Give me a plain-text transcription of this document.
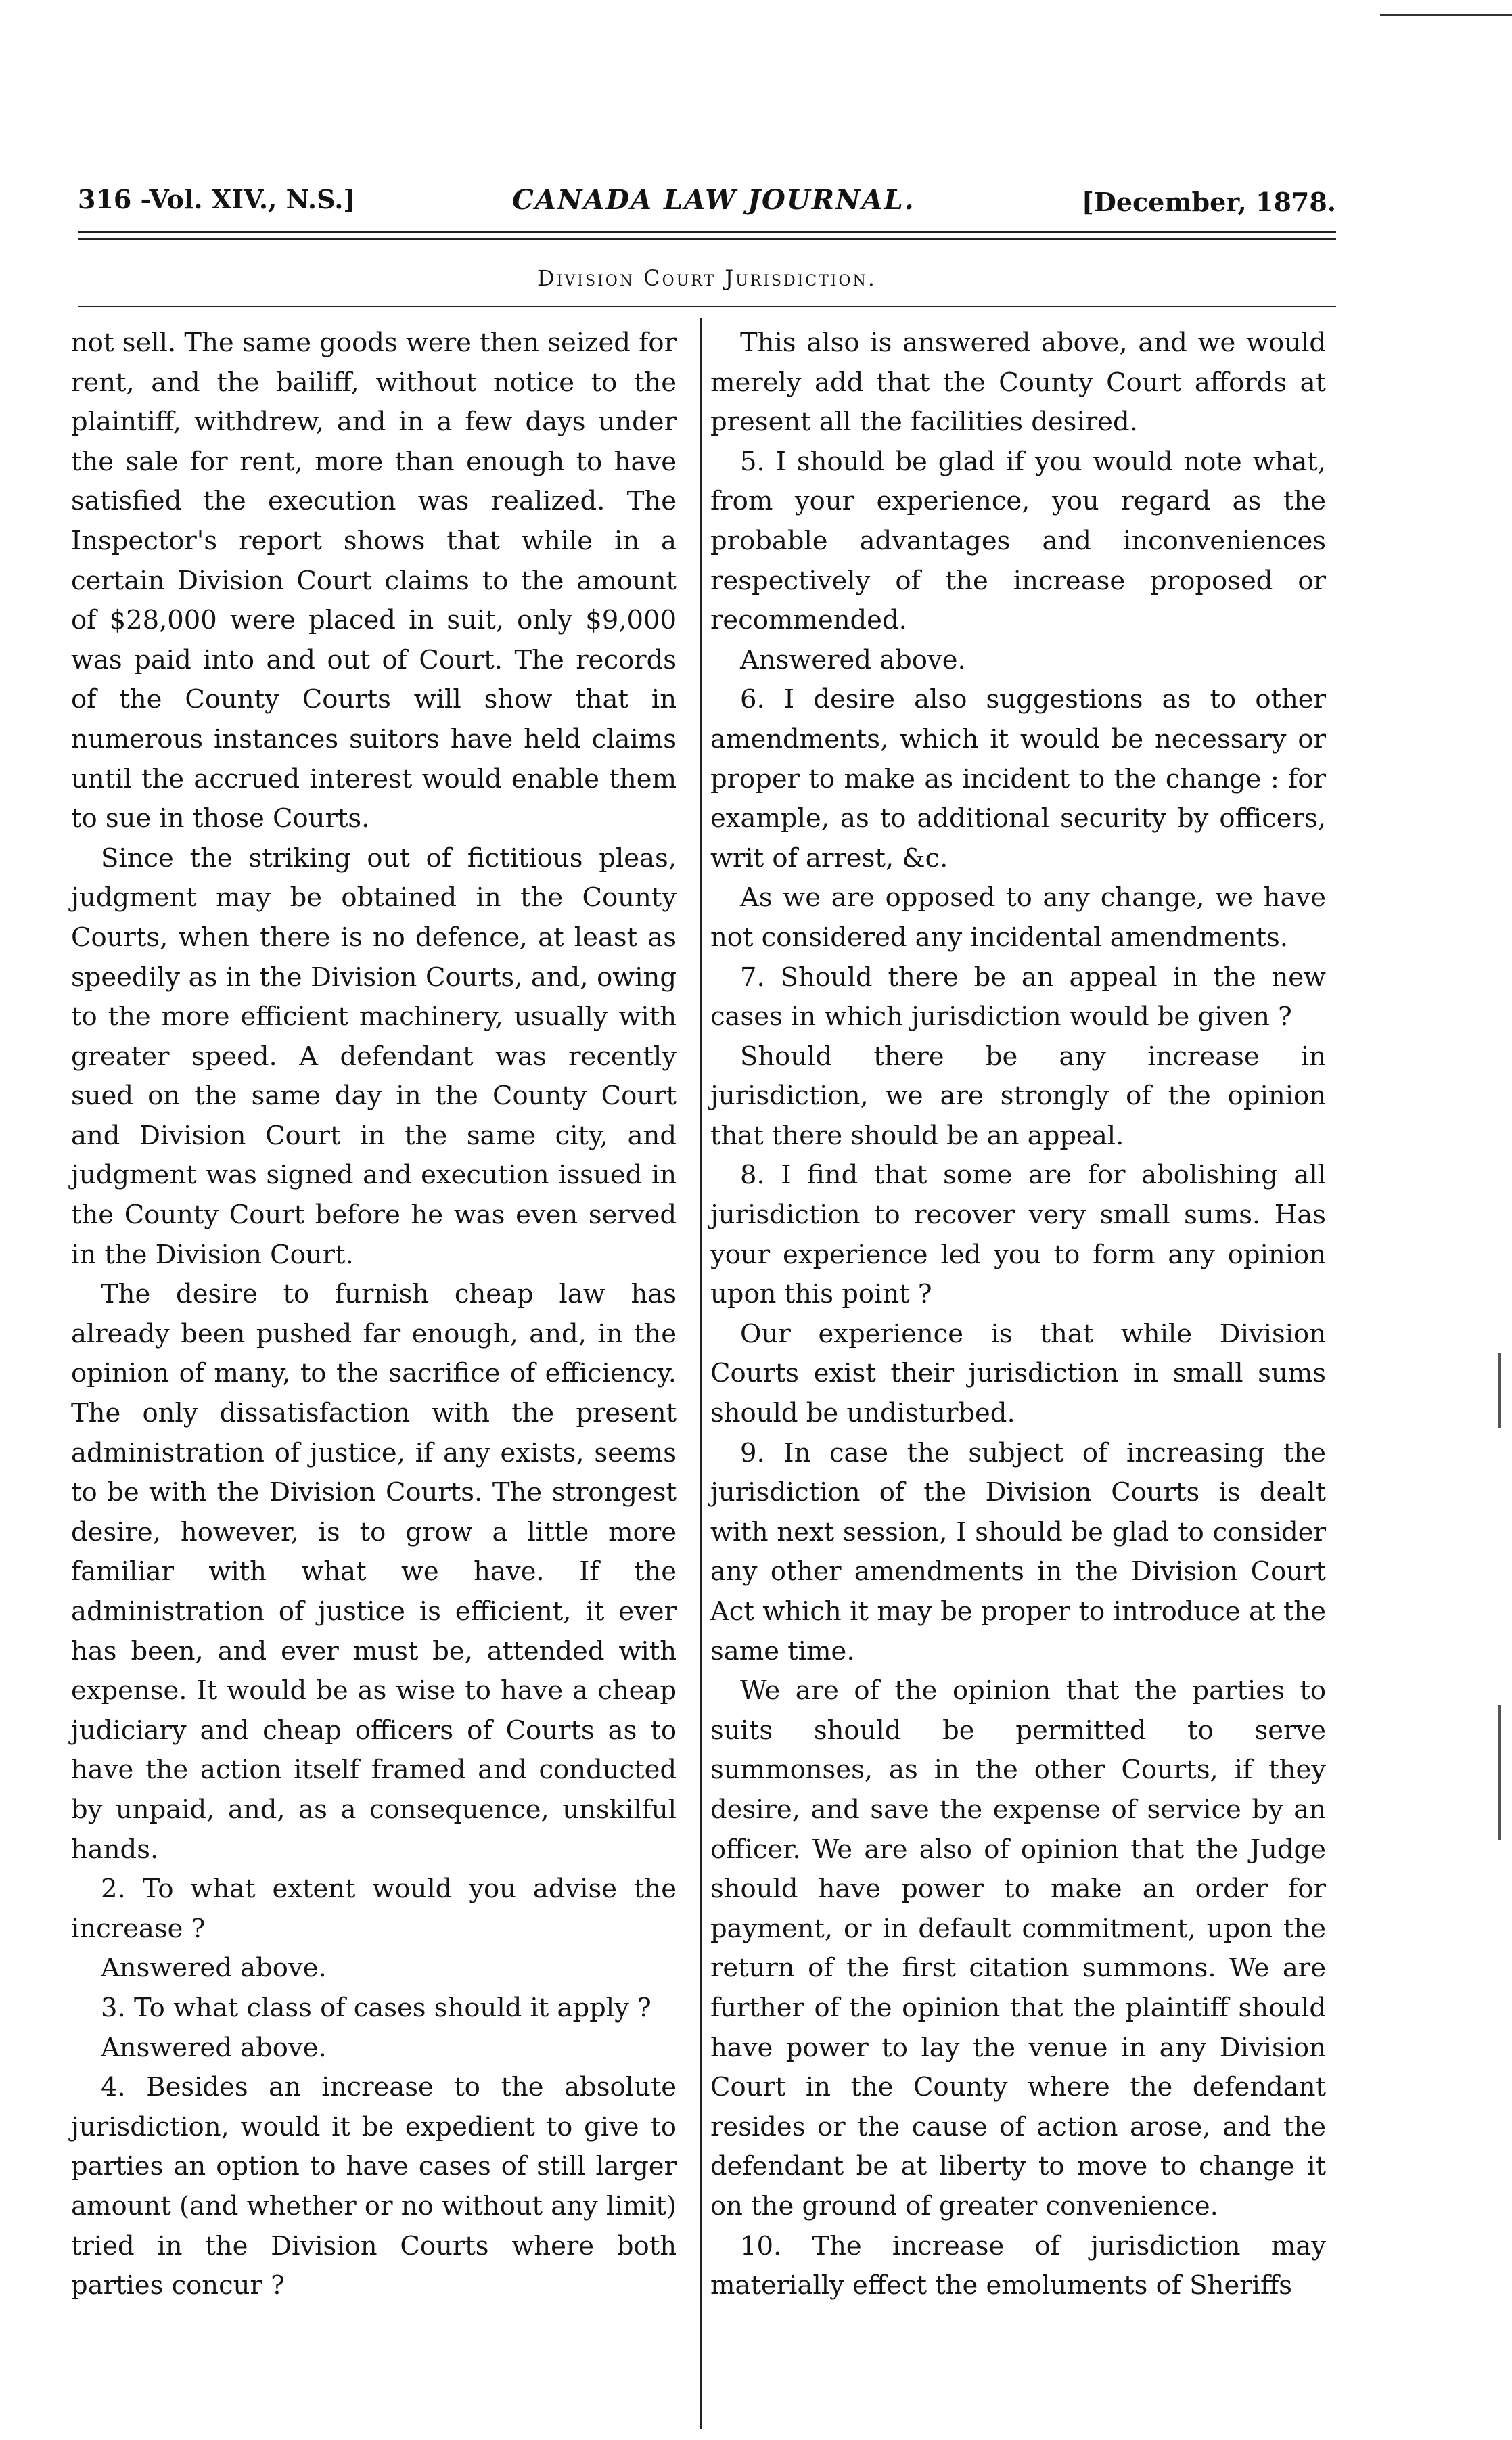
316 -Vol. XIV., N.S.]	CANADA LAW JOURNAL.	[December, 1878.
Division Court Jurisdiction.

not sell. The same goods were then seized for rent, and the bailiff, without notice to the plaintiff, withdrew, and in a few days under the sale for rent, more than enough to have satisfied the execution was realized. The Inspector's report shows that while in a certain Division Court claims to the amount of $28,000 were placed in suit, only $9,000 was paid into and out of Court. The records of the County Courts will show that in numerous instances suitors have held claims until the accrued interest would enable them to sue in those Courts.

Since the striking out of fictitious pleas, judgment may be obtained in the County Courts, when there is no defence, at least as speedily as in the Division Courts, and, owing to the more efficient machinery, usually with greater speed. A defendant was recently sued on the same day in the County Court and Division Court in the same city, and judgment was signed and execution issued in the County Court before he was even served in the Division Court.

The desire to furnish cheap law has already been pushed far enough, and, in the opinion of many, to the sacrifice of efficiency. The only dissatisfaction with the present administration of justice, if any exists, seems to be with the Division Courts. The strongest desire, however, is to grow a little more familiar with what we have. If the administration of justice is efficient, it ever has been, and ever must be, attended with expense. It would be as wise to have a cheap judiciary and cheap officers of Courts as to have the action itself framed and conducted by unpaid, and, as a consequence, unskilful hands.

2. To what extent would you advise the increase ?

Answered above.

3. To what class of cases should it apply ?

Answered above.

4. Besides an increase to the absolute jurisdiction, would it be expedient to give to parties an option to have cases of still larger amount (and whether or no without any limit) tried in the Division Courts where both parties concur ?

This also is answered above, and we would merely add that the County Court affords at present all the facilities desired.

5. I should be glad if you would note what, from your experience, you regard as the probable advantages and inconveniences respectively of the increase proposed or recommended.

Answered above.

6. I desire also suggestions as to other amendments, which it would be necessary or proper to make as incident to the change : for example, as to additional security by officers, writ of arrest, &c.

As we are opposed to any change, we have not considered any incidental amendments.

7. Should there be an appeal in the new cases in which jurisdiction would be given ?

Should there be any increase in jurisdiction, we are strongly of the opinion that there should be an appeal.

8. I find that some are for abolishing all jurisdiction to recover very small sums. Has your experience led you to form any opinion upon this point ?

Our experience is that while Division Courts exist their jurisdiction in small sums should be undisturbed.

9. In case the subject of increasing the jurisdiction of the Division Courts is dealt with next session, I should be glad to consider any other amendments in the Division Court Act which it may be proper to introduce at the same time.

We are of the opinion that the parties to suits should be permitted to serve summonses, as in the other Courts, if they desire, and save the expense of service by an officer. We are also of opinion that the Judge should have power to make an order for payment, or in default commitment, upon the return of the first citation summons. We are further of the opinion that the plaintiff should have power to lay the venue in any Division Court in the County where the defendant resides or the cause of action arose, and the defendant be at liberty to move to change it on the ground of greater convenience.

10. The increase of jurisdiction may materially effect the emoluments of Sheriffs
